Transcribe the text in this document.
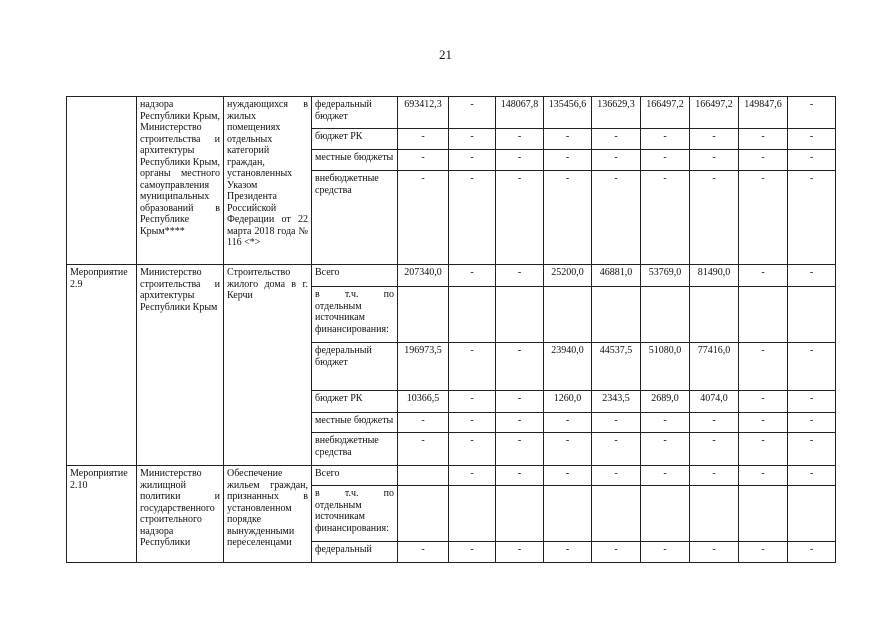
21
	надзора Республики Крым, Министерство строительства и архитектуры Республики Крым, органы местного самоуправления муниципальных образований в Республике Крым****	нуждающихся в жилых помещениях отдельных категорий граждан, установленных Указом Президента Российской Федерации от 22 марта 2018 года № 116 <*>	федеральный бюджет	693412,3	-	148067,8	135456,6	136629,3	166497,2	166497,2	149847,6	-
			бюджет РК	-	-	-	-	-	-	-	-	-
			местные бюджеты	-	-	-	-	-	-	-	-	-
			внебюджетные средства	-	-	-	-	-	-	-	-	-
Мероприятие 2.9	Министерство строительства и архитектуры Республики Крым	Строительство жилого дома в г. Керчи	Всего	207340,0	-	-	25200,0	46881,0	53769,0	81490,0	-	-
			в т.ч. по отдельным источникам финансирования:									
			федеральный бюджет	196973,5	-	-	23940,0	44537,5	51080,0	77416,0	-	-
			бюджет РК	10366,5	-	-	1260,0	2343,5	2689,0	4074,0	-	-
			местные бюджеты	-	-	-	-	-	-	-	-	-
			внебюджетные средства	-	-	-	-	-	-	-	-	-
Мероприятие 2.10	Министерство жилищной политики и государственного строительного надзора Республики	Обеспечение жильем граждан, признанных в установленном порядке вынужденными переселенцами	Всего		-	-	-	-	-	-	-	-
			в т.ч. по отдельным источникам финансирования:									
			федеральный	-	-	-	-	-	-	-	-	-
